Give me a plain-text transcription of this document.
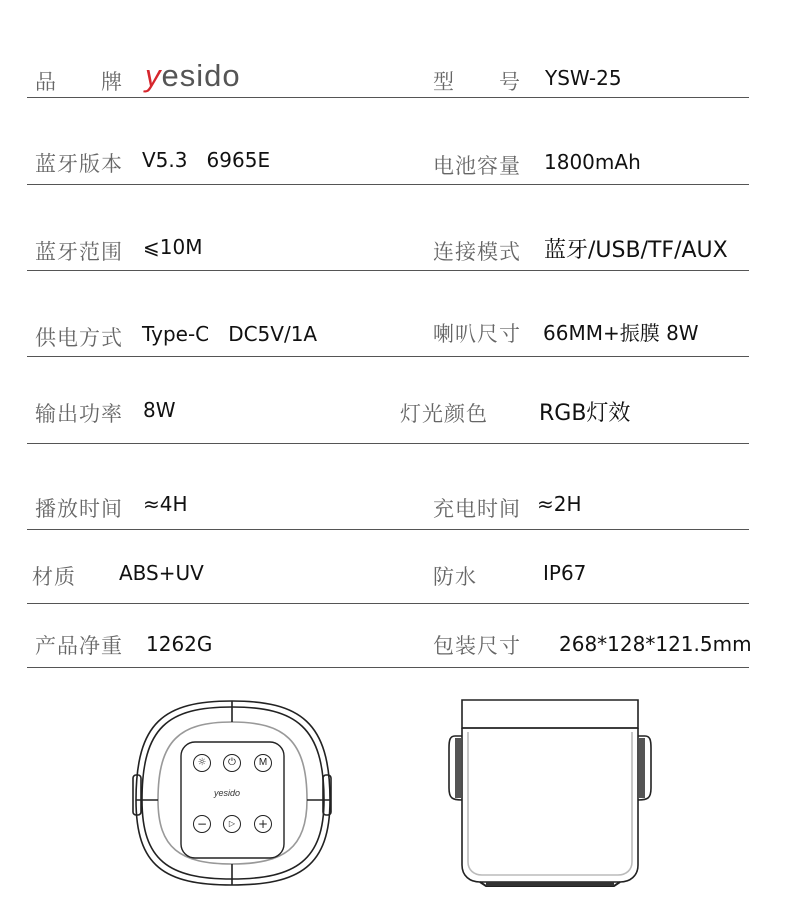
品　　牌 yesido	型　　号 YSW-25
蓝牙版本 V5.3   6965E	电池容量 1800mAh
蓝牙范围 ⩽10M	连接模式 蓝牙/USB/TF/AUX
供电方式 Type-C   DC5V/1A	喇叭尺寸 66MM+振膜 8W
输出功率 8W	灯光颜色 RGB灯效
播放时间 ≈4H	充电时间 ≈2H
材质 ABS+UV	防水	IP67
产品净重 1262G	包装尺寸 268*128*121.5mm
☼	⏻	M
yesido
−	▷	+
